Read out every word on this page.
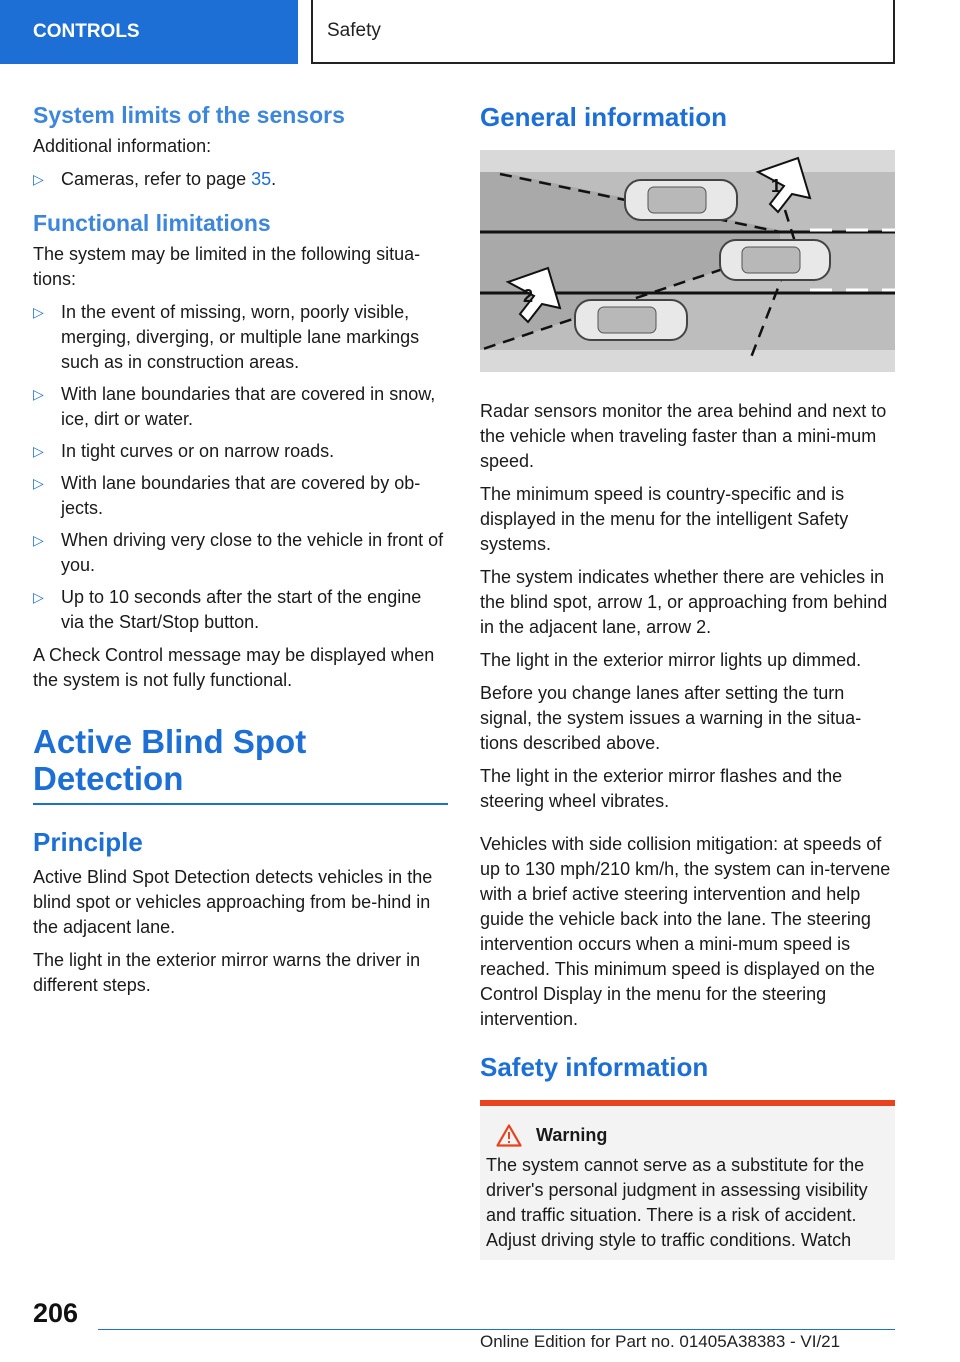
CONTROLS	Safety
System limits of the sensors

Additional information:

▷ Cameras, refer to page 35.
Functional limitations

The system may be limited in the following situa‐tions:

▷ In the event of missing, worn, poorly visible, merging, diverging, or multiple lane markings such as in construction areas.
▷ With lane boundaries that are covered in snow, ice, dirt or water.
▷ In tight curves or on narrow roads.
▷ With lane boundaries that are covered by ob‐jects.
▷ When driving very close to the vehicle in front of you.
▷ Up to 10 seconds after the start of the engine via the Start/Stop button.

A Check Control message may be displayed when the system is not fully functional.

Active Blind Spot
Detection
Principle

Active Blind Spot Detection detects vehicles in the blind spot or vehicles approaching from be‐hind in the adjacent lane.

The light in the exterior mirror warns the driver in different steps.

General information
1
2

Radar sensors monitor the area behind and next to the vehicle when traveling faster than a mini‐mum speed.

The minimum speed is country-specific and is displayed in the menu for the intelligent Safety systems.

The system indicates whether there are vehicles in the blind spot, arrow 1, or approaching from behind in the adjacent lane, arrow 2.

The light in the exterior mirror lights up dimmed.

Before you change lanes after setting the turn signal, the system issues a warning in the situa‐tions described above.

The light in the exterior mirror flashes and the steering wheel vibrates.

Vehicles with side collision mitigation: at speeds of up to 130 mph/210 km/h, the system can in‐tervene with a brief active steering intervention and help guide the vehicle back into the lane. The steering intervention occurs when a mini‐mum speed is reached. This minimum speed is displayed on the Control Display in the menu for the steering intervention.

Safety information
Warning

The system cannot serve as a substitute for the driver's personal judgment in assessing visibility and traffic situation. There is a risk of accident. Adjust driving style to traffic conditions. Watch

206
Online Edition for Part no. 01405A38383 - VI/21
